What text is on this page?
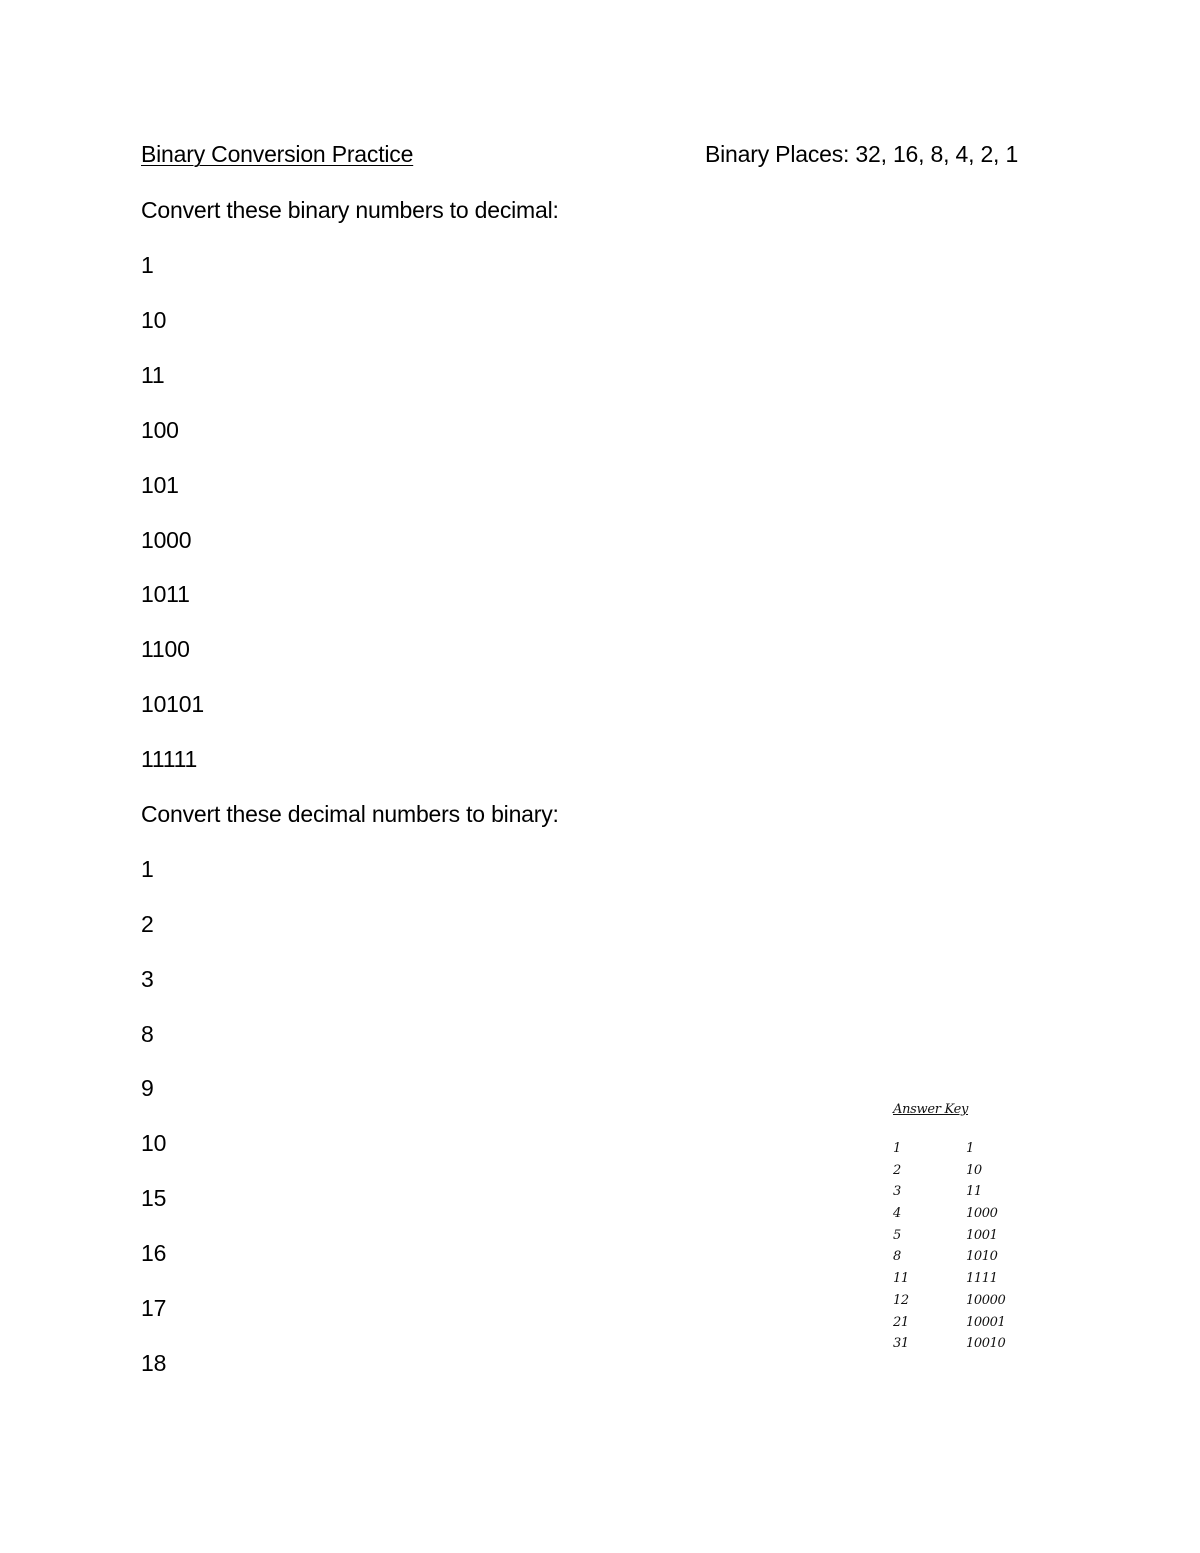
Binary Conversion Practice	Binary Places: 32, 16, 8, 4, 2, 1
Convert these binary numbers to decimal:
1
10
11
100
101
1000
1011
1100
10101
11111
Convert these decimal numbers to binary:
1
2
3
8
9
10
15
16
17
18
Answer Key
1	1
2	10
3	11
4	1000
5	1001
8	1010
11	1111
12	10000
21	10001
31	10010
